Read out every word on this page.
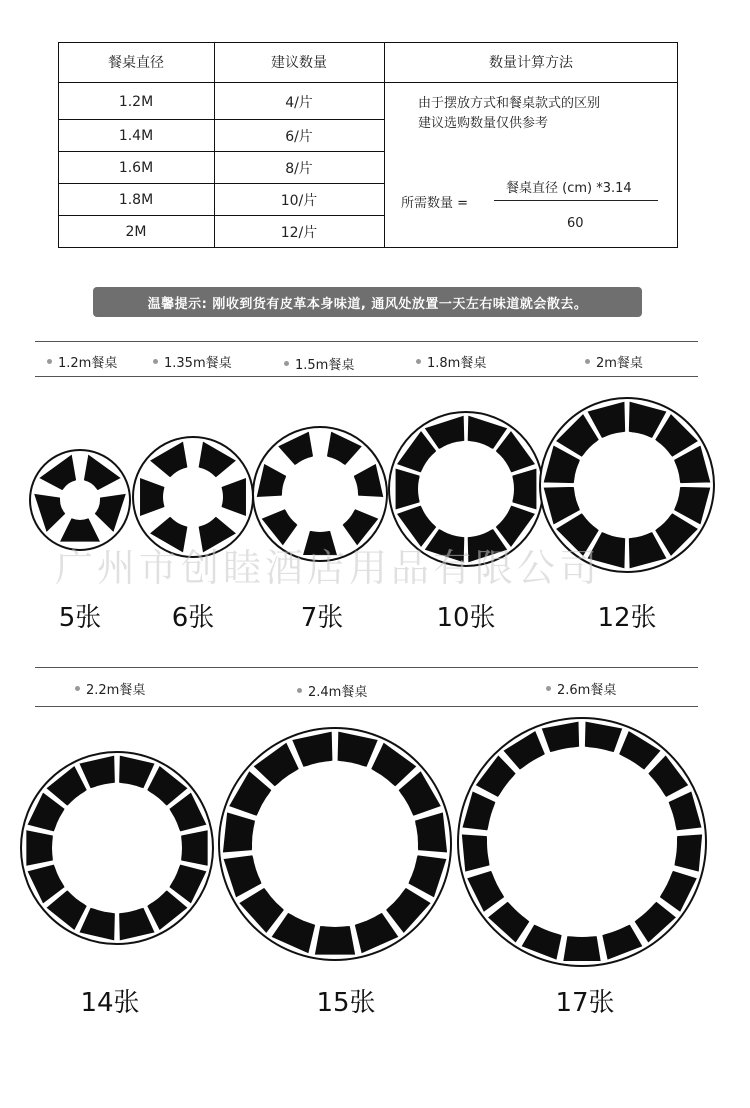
餐桌直径	建议数量	数量计算方法
1.2M	4/片
1.4M	6/片
1.6M	8/片
1.8M	10/片
2M	12/片
由于摆放方式和餐桌款式的区别
建议选购数量仅供参考
所需数量 =
餐桌直径 (cm) *3.14
60
温馨提示: 刚收到货有皮革本身味道, 通风处放置一天左右味道就会散去。
1.2m餐桌	1.35m餐桌	1.5m餐桌	1.8m餐桌	2m餐桌
广州市创睦酒店用品有限公司
5张	6张	7张	10张	12张
2.2m餐桌	2.4m餐桌	2.6m餐桌
14张	15张	17张
